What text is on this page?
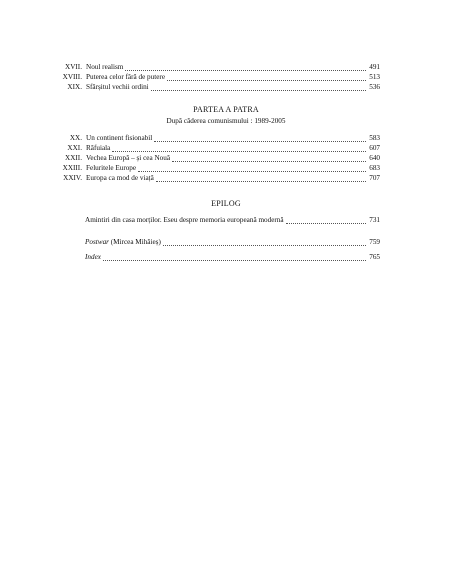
XVII. Noul realism	491
XVIII. Puterea celor fără de putere	513
XIX. Sfârșitul vechii ordini	536
PARTEA A PATRA
După căderea comunismului : 1989-2005
XX. Un continent fisionabil	583
XXI. Răfuiala	607
XXII. Vechea Europă – și cea Nouă	640
XXIII. Feluritele Europe	683
XXIV. Europa ca mod de viață	707
EPILOG
Amintiri din casa morților. Eseu despre memoria europeană modernă	731
Postwar (Mircea Mihăieș)	759
Index	765
